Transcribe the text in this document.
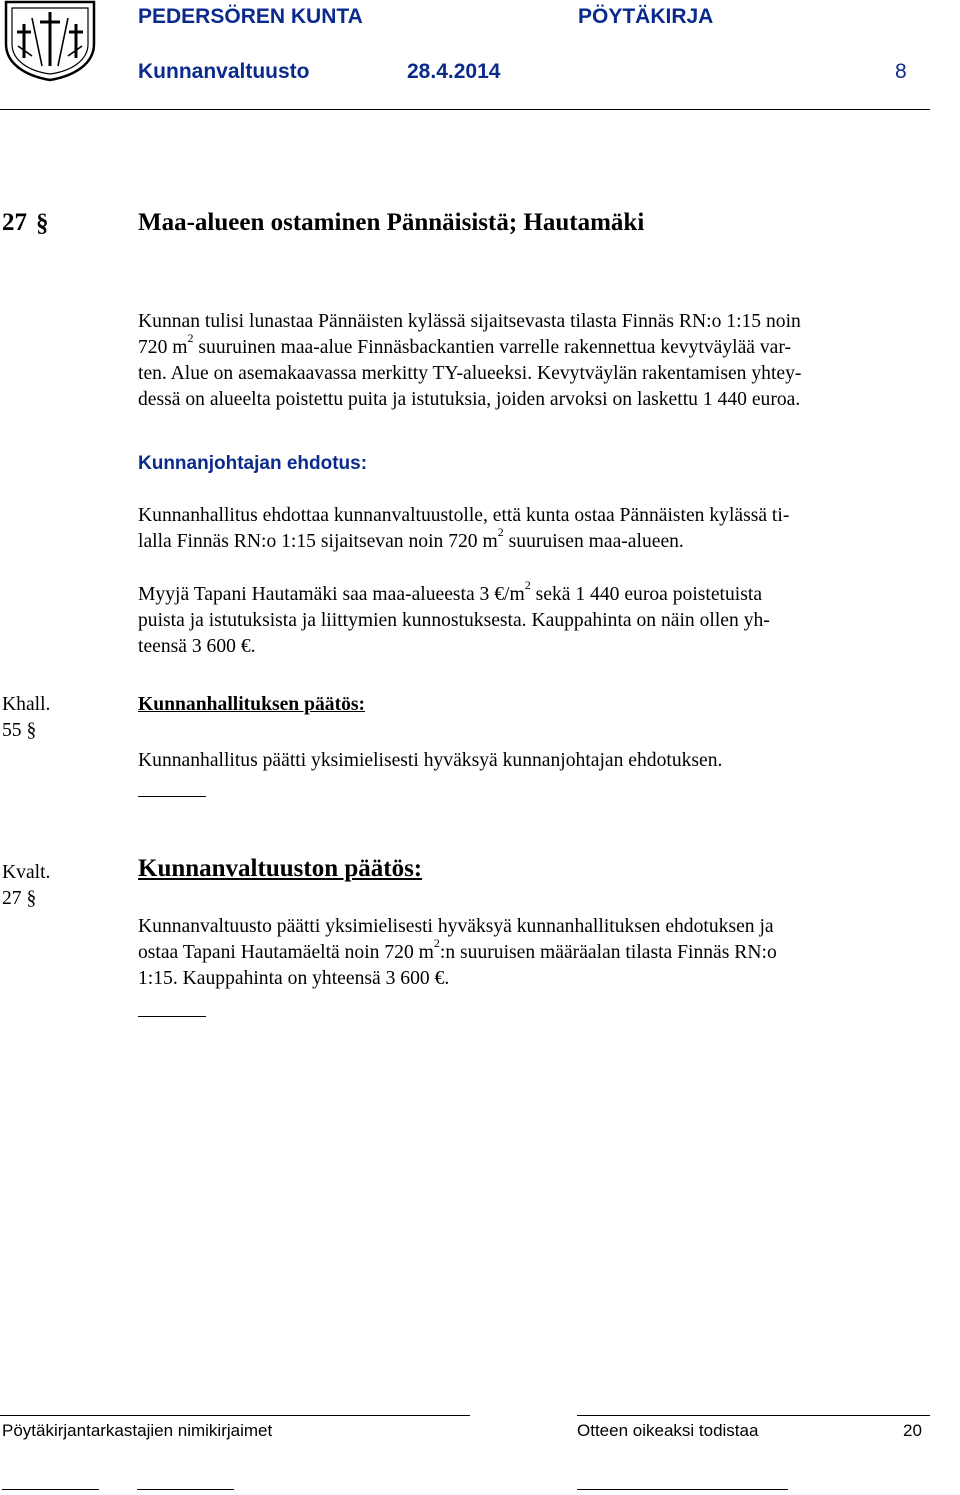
PEDERSÖREN KUNTA	PÖYTÄKIRJA
Kunnanvaltuusto	28.4.2014	8
27 §	Maa-alueen ostaminen Pännäisistä; Hautamäki

Kunnan tulisi lunastaa Pännäisten kylässä sijaitsevasta tilasta Finnäs RN:o 1:15 noin

720 $m^2$ suuruinen maa-alue Finnäsbackantien varrelle rakennettua kevytväylää var-

ten. Alue on asemakaavassa merkitty TY-alueeksi. Kevytväylän rakentamisen yhtey-

dessä on alueelta poistettu puita ja istutuksia, joiden arvoksi on laskettu 1 440 euroa.

Kunnanjohtajan ehdotus:

Kunnanhallitus ehdottaa kunnanvaltuustolle, että kunta ostaa Pännäisten kylässä ti-

lalla Finnäs RN:o 1:15 sijaitsevan noin 720 $m^2$ suuruisen maa-alueen.

Myyjä Tapani Hautamäki saa maa-alueesta 3 $€/m^2$ sekä 1 440 euroa poistetuista

puista ja istutuksista ja liittymien kunnostuksesta. Kauppahinta on näin ollen yh-

teensä 3 600 €.

Khall.
55 §
Kunnanhallituksen päätös:
Kunnanhallitus päätti yksimielisesti hyväksyä kunnanjohtajan ehdotuksen.
Kvalt.
27 §
Kunnanvaltuuston päätös:

Kunnanvaltuusto päätti yksimielisesti hyväksyä kunnanhallituksen ehdotuksen ja

ostaa Tapani Hautamäeltä noin 720 $m^2:n$ suuruisen määräalan tilasta Finnäs RN:o

1:15. Kauppahinta on yhteensä 3 600 €.

Pöytäkirjantarkastajien nimikirjaimet	Otteen oikeaksi todistaa	20
